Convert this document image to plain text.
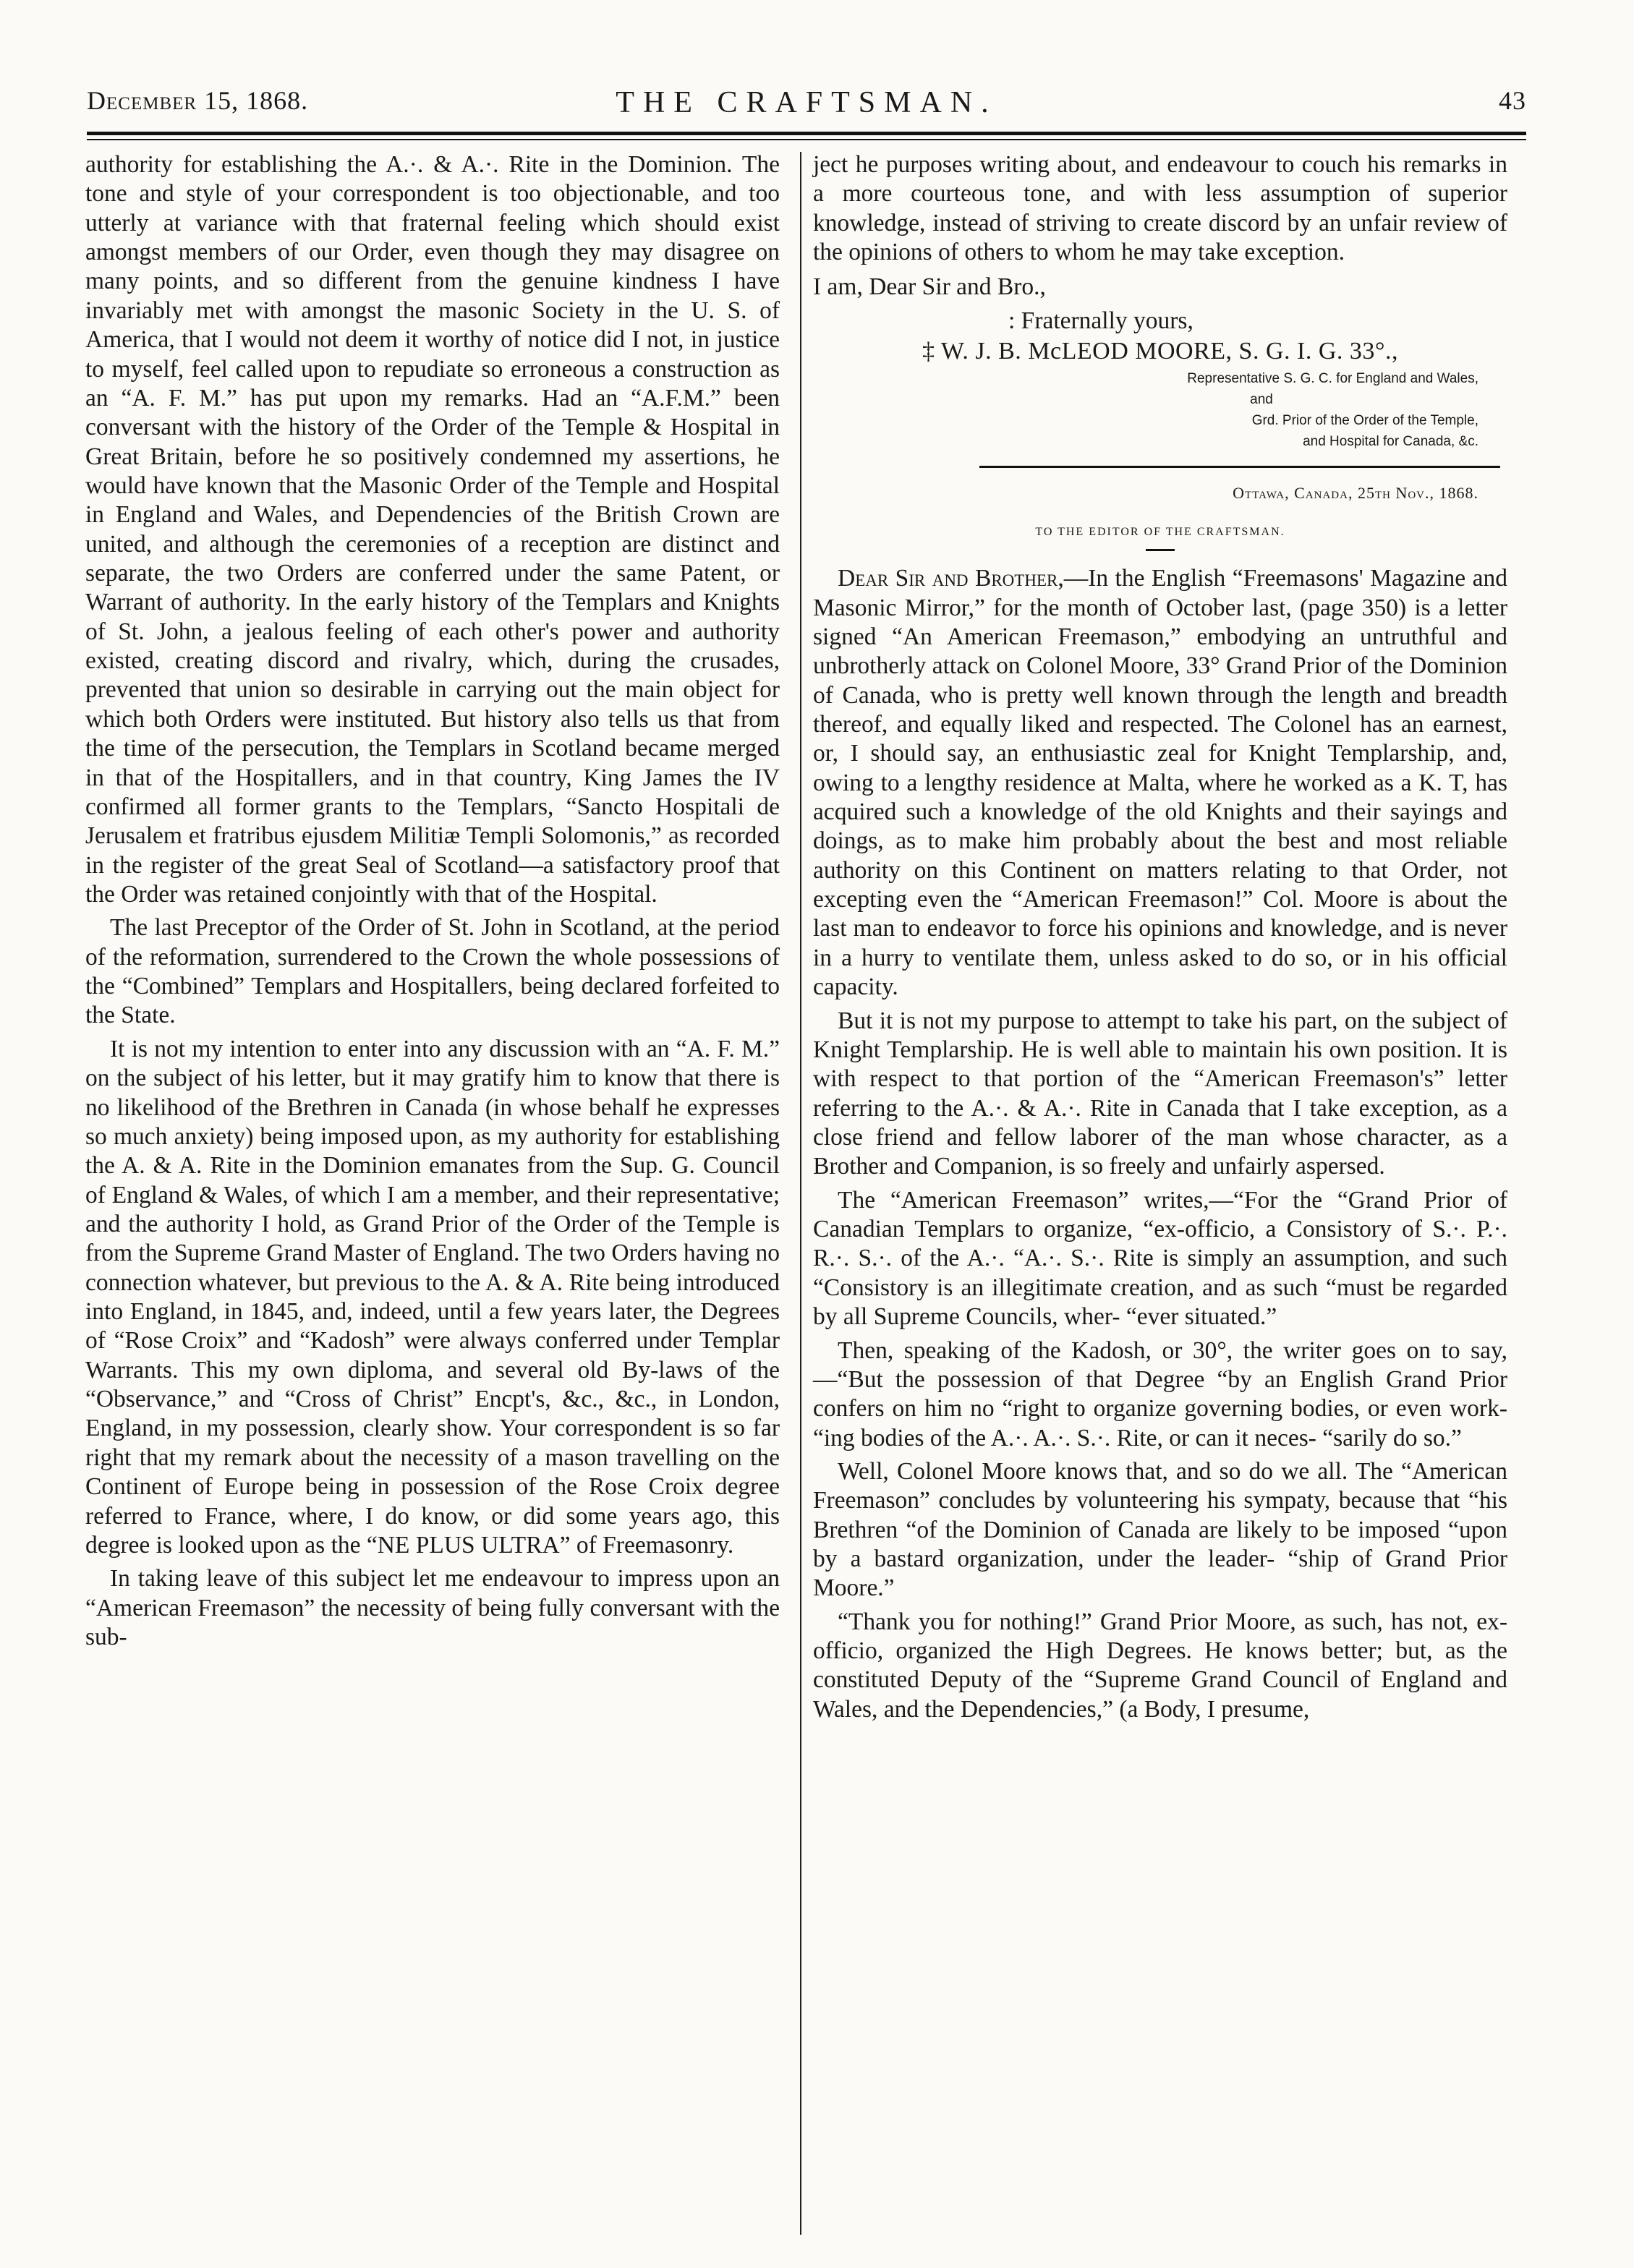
December 15, 1868.	THE CRAFTSMAN.	43

authority for establishing the A.·. & A.·. Rite in the Dominion. The tone and style of your correspondent is too objectionable, and too utterly at variance with that fraternal feeling which should exist amongst members of our Order, even though they may disagree on many points, and so different from the genuine kindness I have invariably met with amongst the masonic Society in the U. S. of America, that I would not deem it worthy of notice did I not, in justice to myself, feel called upon to repudiate so erroneous a construction as an “A. F. M.” has put upon my remarks. Had an “A.F.M.” been conversant with the history of the Order of the Temple & Hospital in Great Britain, before he so positively condemned my assertions, he would have known that the Masonic Order of the Temple and Hospital in England and Wales, and Dependencies of the British Crown are united, and although the ceremonies of a reception are distinct and separate, the two Orders are conferred under the same Patent, or Warrant of authority. In the early history of the Templars and Knights of St. John, a jealous feeling of each other's power and authority existed, creating discord and rivalry, which, during the crusades, prevented that union so desirable in carrying out the main object for which both Orders were instituted. But history also tells us that from the time of the persecution, the Templars in Scotland became merged in that of the Hospitallers, and in that country, King James the IV confirmed all former grants to the Templars, “Sancto Hospitali de Jerusalem et fratribus ejusdem Militiæ Templi Solomonis,” as recorded in the register of the great Seal of Scotland—a satisfactory proof that the Order was retained conjointly with that of the Hospital.

The last Preceptor of the Order of St. John in Scotland, at the period of the reformation, surrendered to the Crown the whole possessions of the “Combined” Templars and Hospitallers, being declared forfeited to the State.

It is not my intention to enter into any discussion with an “A. F. M.” on the subject of his letter, but it may gratify him to know that there is no likelihood of the Brethren in Canada (in whose behalf he expresses so much anxiety) being imposed upon, as my authority for establishing the A. & A. Rite in the Dominion emanates from the Sup. G. Council of England & Wales, of which I am a member, and their representative; and the authority I hold, as Grand Prior of the Order of the Temple is from the Supreme Grand Master of England. The two Orders having no connection whatever, but previous to the A. & A. Rite being introduced into England, in 1845, and, indeed, until a few years later, the Degrees of “Rose Croix” and “Kadosh” were always conferred under Templar Warrants. This my own diploma, and several old By-laws of the “Observance,” and “Cross of Christ” Encpt's, &c., &c., in London, England, in my possession, clearly show. Your correspondent is so far right that my remark about the necessity of a mason travelling on the Continent of Europe being in possession of the Rose Croix degree referred to France, where, I do know, or did some years ago, this degree is looked upon as the “NE PLUS ULTRA” of Freemasonry.

In taking leave of this subject let me endeavour to impress upon an “American Freemason” the necessity of being fully conversant with the sub-

ject he purposes writing about, and endeavour to couch his remarks in a more courteous tone, and with less assumption of superior knowledge, instead of striving to create discord by an unfair review of the opinions of others to whom he may take exception.

I am, Dear Sir and Bro.,

: Fraternally yours,

‡ W. J. B. McLEOD MOORE, S. G. I. G. 33°.,

Representative S. G. C. for England and Wales,

and

Grd. Prior of the Order of the Temple,

and Hospital for Canada, &c.

Ottawa, Canada, 25th Nov., 1868.

TO THE EDITOR OF THE CRAFTSMAN.

Dear Sir and Brother,—In the English “Freemasons' Magazine and Masonic Mirror,” for the month of October last, (page 350) is a letter signed “An American Freemason,” embodying an untruthful and unbrotherly attack on Colonel Moore, 33° Grand Prior of the Dominion of Canada, who is pretty well known through the length and breadth thereof, and equally liked and respected. The Colonel has an earnest, or, I should say, an enthusiastic zeal for Knight Templarship, and, owing to a lengthy residence at Malta, where he worked as a K. T, has acquired such a knowledge of the old Knights and their sayings and doings, as to make him probably about the best and most reliable authority on this Continent on matters relating to that Order, not excepting even the “American Freemason!” Col. Moore is about the last man to endeavor to force his opinions and knowledge, and is never in a hurry to ventilate them, unless asked to do so, or in his official capacity.

But it is not my purpose to attempt to take his part, on the subject of Knight Templarship. He is well able to maintain his own position. It is with respect to that portion of the “American Freemason's” letter referring to the A.·. & A.·. Rite in Canada that I take exception, as a close friend and fellow laborer of the man whose character, as a Brother and Companion, is so freely and unfairly aspersed.

The “American Freemason” writes,—“For the “Grand Prior of Canadian Templars to organize, “ex-officio, a Consistory of S.·. P.·. R.·. S.·. of the A.·. “A.·. S.·. Rite is simply an assumption, and such “Consistory is an illegitimate creation, and as such “must be regarded by all Supreme Councils, wher- “ever situated.”

Then, speaking of the Kadosh, or 30°, the writer goes on to say,—“But the possession of that Degree “by an English Grand Prior confers on him no “right to organize governing bodies, or even work- “ing bodies of the A.·. A.·. S.·. Rite, or can it neces- “sarily do so.”

Well, Colonel Moore knows that, and so do we all. The “American Freemason” concludes by volunteering his sympaty, because that “his Brethren “of the Dominion of Canada are likely to be imposed “upon by a bastard organization, under the leader- “ship of Grand Prior Moore.”

“Thank you for nothing!” Grand Prior Moore, as such, has not, ex-officio, organized the High Degrees. He knows better; but, as the constituted Deputy of the “Supreme Grand Council of England and Wales, and the Dependencies,” (a Body, I presume,
